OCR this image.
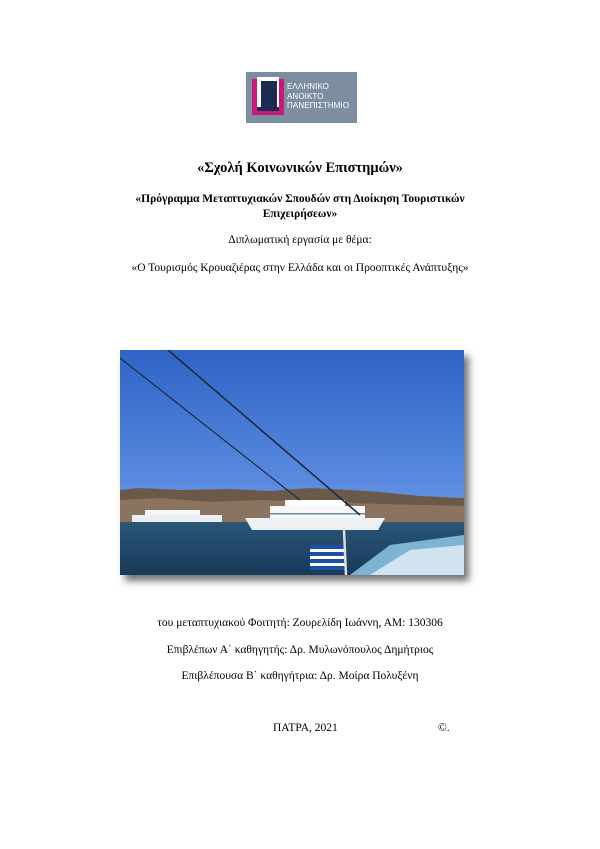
ΕΛΛΗΝΙΚΟ
ΑΝΟΙΚΤΟ
ΠΑΝΕΠΙΣΤΗΜΙΟ
«Σχολή Κοινωνικών Επιστημών»
«Πρόγραμμα Μεταπτυχιακών Σπουδών στη Διοίκηση Τουριστικών
Επιχειρήσεων»
Διπλωματική εργασία με θέμα:
«Ο Τουρισμός Κρουαζιέρας στην Ελλάδα και οι Προοπτικές Ανάπτυξης»
του μεταπτυχιακού Φοιτητή: Ζουρελίδη Ιωάννη, ΑΜ: 130306
Επιβλέπων Α΄ καθηγητής: Δρ. Μυλωνόπουλος Δημήτριος
Επιβλέπουσα Β΄ καθηγήτρια: Δρ. Μοίρα Πολυξένη
ΠΑΤΡΑ, 2021	©.
